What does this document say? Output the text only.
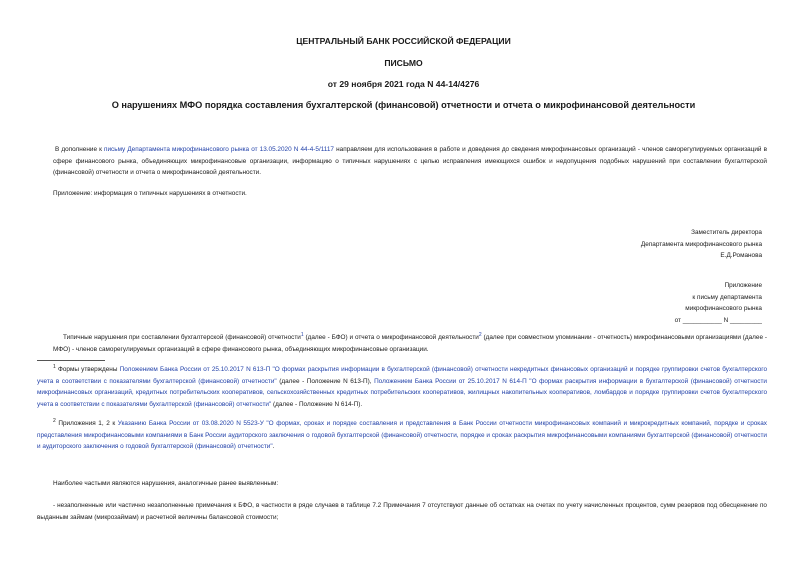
ЦЕНТРАЛЬНЫЙ БАНК РОССИЙСКОЙ ФЕДЕРАЦИИ
ПИСЬМО
от 29 ноября 2021 года N 44-14/4276
О нарушениях МФО порядка составления бухгалтерской (финансовой) отчетности и отчета о микрофинансовой деятельности
В дополнение к письму Департамента микрофинансового рынка от 13.05.2020 N 44-4-5/1117 направляем для использования в работе и доведения до сведения микрофинансовых организаций - членов саморегулируемых организаций в сфере финансового рынка, объединяющих микрофинансовые организации, информацию о типичных нарушениях с целью исправления имеющихся ошибок и недопущения подобных нарушений при составлении бухгалтерской (финансовой) отчетности и отчета о микрофинансовой деятельности.
Приложение: информация о типичных нарушениях в отчетности.
Заместитель директора
Департамента микрофинансового рынка
Е.Д.Романова
Приложение
к письму департамента
микрофинансового рынка
от ___________ N _________
Типичные нарушения при составлении бухгалтерской (финансовой) отчетности$^1$ (далее - БФО) и отчета о микрофинансовой деятельности$^2$ (далее при совместном упоминании - отчетность) микрофинансовыми организациями (далее - МФО) - членов саморегулируемых организаций в сфере финансового рынка, объединяющих микрофинансовые организации.
$^1$ Формы утверждены Положением Банка России от 25.10.2017 N 613-П "О формах раскрытия информации в бухгалтерской (финансовой) отчетности некредитных финансовых организаций и порядке группировки счетов бухгалтерского учета в соответствии с показателями бухгалтерской (финансовой) отчетности" (далее - Положение N 613-П), Положением Банка России от 25.10.2017 N 614-П "О формах раскрытия информации в бухгалтерской (финансовой) отчетности микрофинансовых организаций, кредитных потребительских кооперативов, сельскохозяйственных кредитных потребительских кооперативов, жилищных накопительных кооперативов, ломбардов и порядке группировки счетов бухгалтерского учета в соответствии с показателями бухгалтерской (финансовой) отчетности" (далее - Положение N 614-П).
$^2$ Приложения 1, 2 к Указанию Банка России от 03.08.2020 N 5523-У "О формах, сроках и порядке составления и представления в Банк России отчетности микрофинансовых компаний и микрокредитных компаний, порядке и сроках представления микрофинансовыми компаниями в Банк России аудиторского заключения о годовой бухгалтерской (финансовой) отчетности, порядке и сроках раскрытия микрофинансовыми компаниями бухгалтерской (финансовой) отчетности и аудиторского заключения о годовой бухгалтерской (финансовой) отчетности".
Наиболее частыми являются нарушения, аналогичные ранее выявленным:
- незаполненные или частично незаполненные примечания к БФО, в частности в ряде случаев в таблице 7.2 Примечания 7 отсутствуют данные об остатках на счетах по учету начисленных процентов, сумм резервов под обесценение по выданным займам (микрозаймам) и расчетной величины балансовой стоимости;
